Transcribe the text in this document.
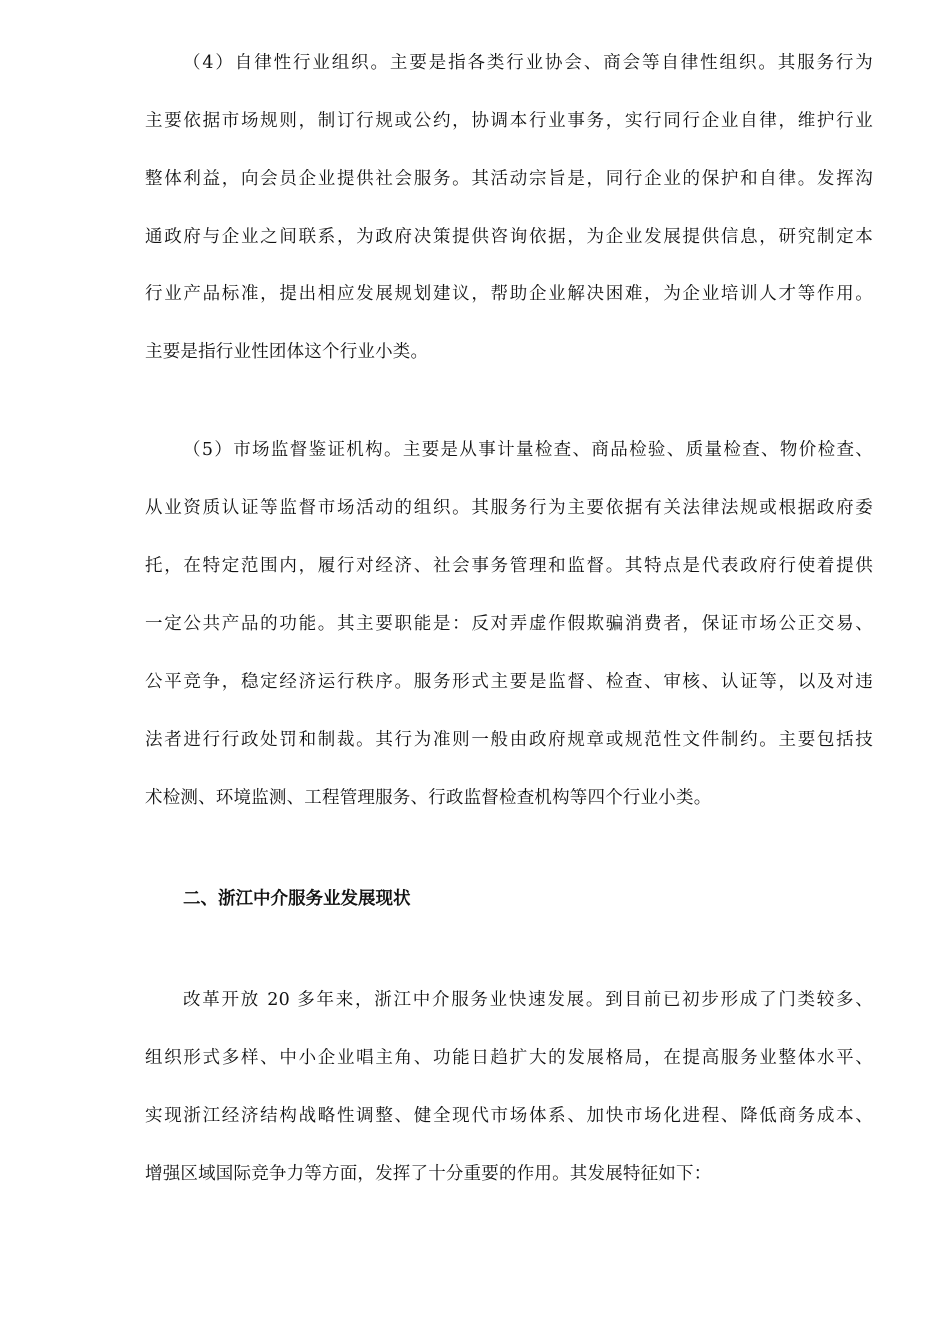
（4）自律性行业组织。主要是指各类行业协会、商会等自律性组织。其服务行为
主要依据市场规则，制订行规或公约，协调本行业事务，实行同行企业自律，维护行业
整体利益，向会员企业提供社会服务。其活动宗旨是，同行企业的保护和自律。发挥沟
通政府与企业之间联系，为政府决策提供咨询依据，为企业发展提供信息，研究制定本
行业产品标准，提出相应发展规划建议，帮助企业解决困难，为企业培训人才等作用。
主要是指行业性团体这个行业小类。
（5）市场监督鉴证机构。主要是从事计量检查、商品检验、质量检查、物价检查、
从业资质认证等监督市场活动的组织。其服务行为主要依据有关法律法规或根据政府委
托，在特定范围内，履行对经济、社会事务管理和监督。其特点是代表政府行使着提供
一定公共产品的功能。其主要职能是：反对弄虚作假欺骗消费者，保证市场公正交易、
公平竞争，稳定经济运行秩序。服务形式主要是监督、检查、审核、认证等，以及对违
法者进行行政处罚和制裁。其行为准则一般由政府规章或规范性文件制约。主要包括技
术检测、环境监测、工程管理服务、行政监督检查机构等四个行业小类。
二、浙江中介服务业发展现状
改革开放 20 多年来，浙江中介服务业快速发展。到目前已初步形成了门类较多、
组织形式多样、中小企业唱主角、功能日趋扩大的发展格局，在提高服务业整体水平、
实现浙江经济结构战略性调整、健全现代市场体系、加快市场化进程、降低商务成本、
增强区域国际竞争力等方面，发挥了十分重要的作用。其发展特征如下：
